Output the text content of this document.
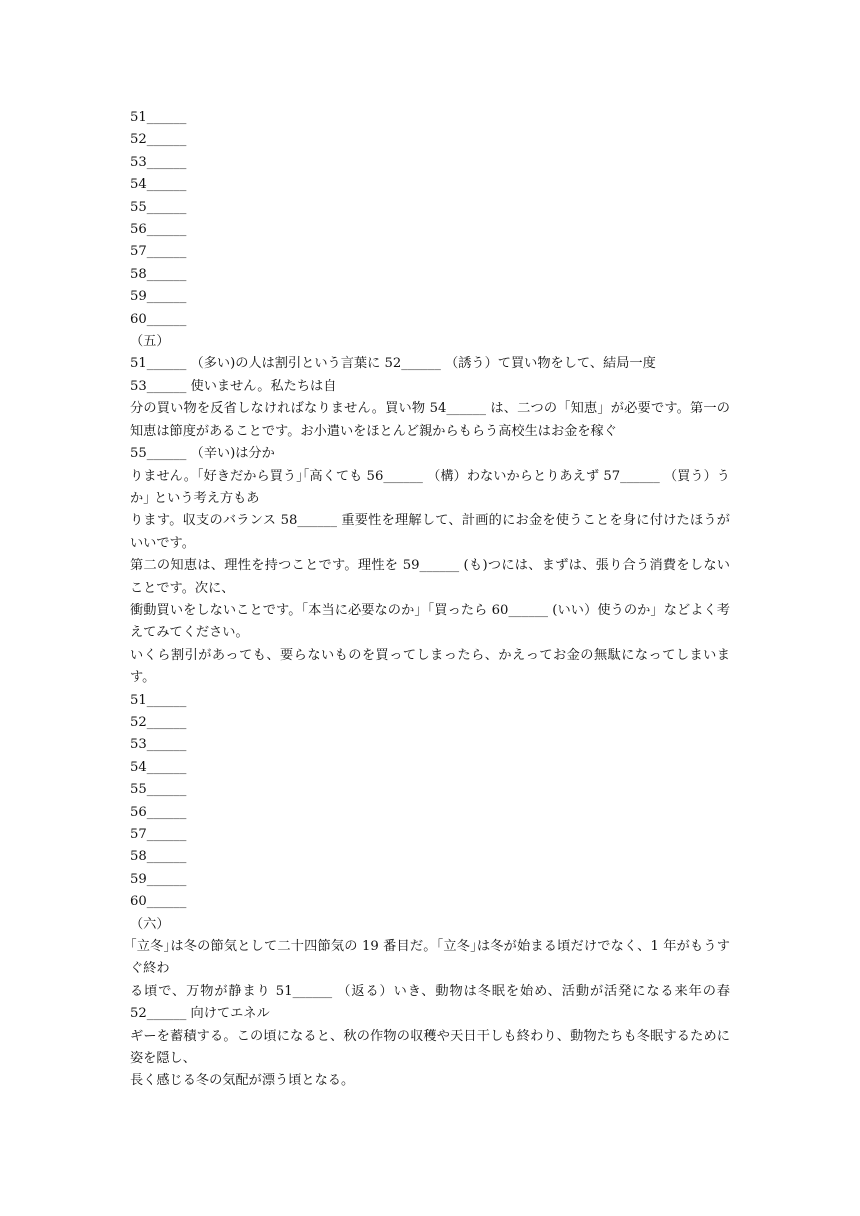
51______

52______

53______

54______

55______

56______

57______

58______

59______

60______

（五）

51______ （多い)の人は割引という言葉に 52______ （誘う）て買い物をして、結局一度

53______ 使いません。私たちは自

分の買い物を反省しなければなりません。買い物 54______ は、二つの「知恵」が必要です。第一の知恵は節度があることです。お小遣いをほとんど親からもらう高校生はお金を稼ぐ

55______ （辛い)は分か

りません。｢好きだから買う｣｢高くても 56______ （構）わないからとりあえず 57______ （買う）うか｣ という考え方もあ

ります。収支のバランス 58______ 重要性を理解して、計画的にお金を使うことを身に付けたほうがいいです。

第二の知恵は、理性を持つことです。理性を 59______ (も)つには、まずは、張り合う消費をしないことです。次に、

衝動買いをしないことです。「本当に必要なのか」「買ったら 60______ (いい）使うのか」などよく考えてみてください。

いくら割引があっても、要らないものを買ってしまったら、かえってお金の無駄になってしまいます。

51______

52______

53______

54______

55______

56______

57______

58______

59______

60______

（六）

｢立冬｣は冬の節気として二十四節気の 19 番目だ。｢立冬｣は冬が始まる頃だけでなく、1 年がもうすぐ終わ

る頃で、万物が静まり 51______ （返る）いき、動物は冬眠を始め、活動が活発になる来年の春 52______ 向けてエネル

ギーを蓄積する。この頃になると、秋の作物の収穫や天日干しも終わり、動物たちも冬眠するために姿を隠し、

長く感じる冬の気配が漂う頃となる。
